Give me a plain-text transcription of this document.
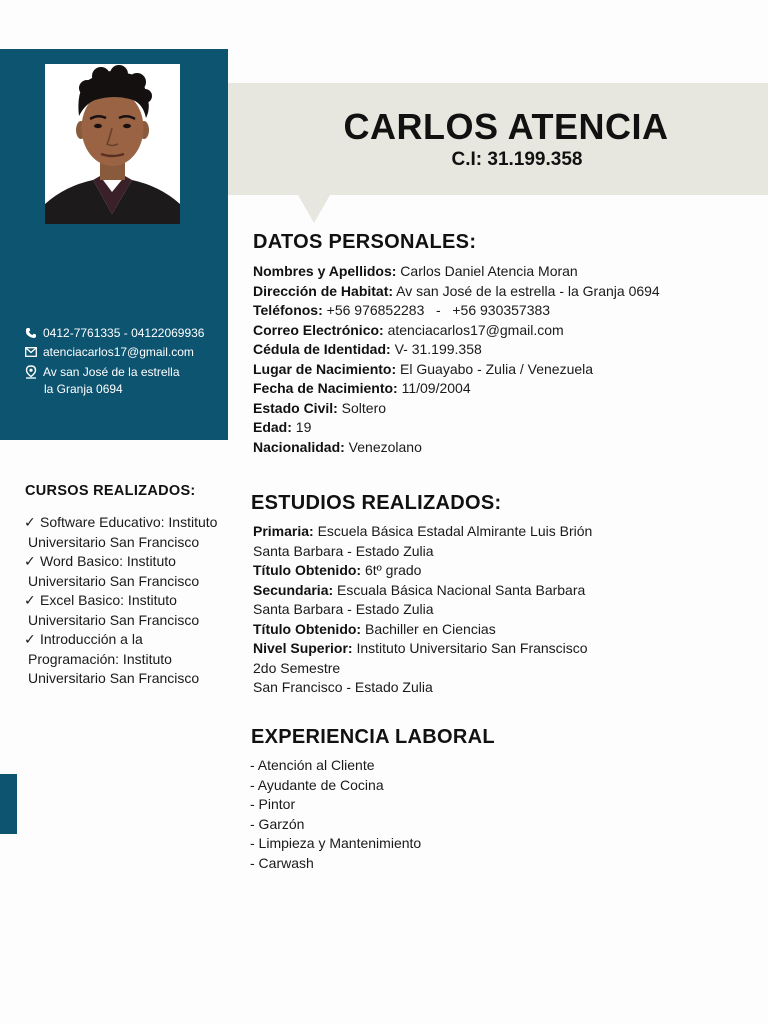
CARLOS ATENCIA
C.I: 31.199.358
0412-7761335 - 04122069936
atenciacarlos17@gmail.com
Av san José de la estrella
la Granja 0694
CURSOS REALIZADOS:
✓ Software Educativo: Instituto
Universitario San Francisco
✓ Word Basico: Instituto
Universitario San Francisco
✓ Excel Basico: Instituto
Universitario San Francisco
✓ Introducción a la
Programación: Instituto
Universitario San Francisco
DATOS PERSONALES:
Nombres y Apellidos: Carlos Daniel Atencia Moran
Dirección de Habitat: Av san José de la estrella - la Granja 0694
Teléfonos: +56 976852283   -   +56 930357383
Correo Electrónico: atenciacarlos17@gmail.com
Cédula de Identidad: V- 31.199.358
Lugar de Nacimiento: El Guayabo - Zulia / Venezuela
Fecha de Nacimiento: 11/09/2004
Estado Civil: Soltero
Edad: 19
Nacionalidad: Venezolano
ESTUDIOS REALIZADOS:
Primaria: Escuela Básica Estadal Almirante Luis Brión
Santa Barbara - Estado Zulia
Título Obtenido: 6tº grado
Secundaria: Escuala Básica Nacional Santa Barbara
Santa Barbara - Estado Zulia
Título Obtenido: Bachiller en Ciencias
Nivel Superior: Instituto Universitario San Franscisco
2do Semestre
San Francisco - Estado Zulia
EXPERIENCIA LABORAL
- Atención al Cliente
- Ayudante de Cocina
- Pintor
- Garzón
- Limpieza y Mantenimiento
- Carwash
